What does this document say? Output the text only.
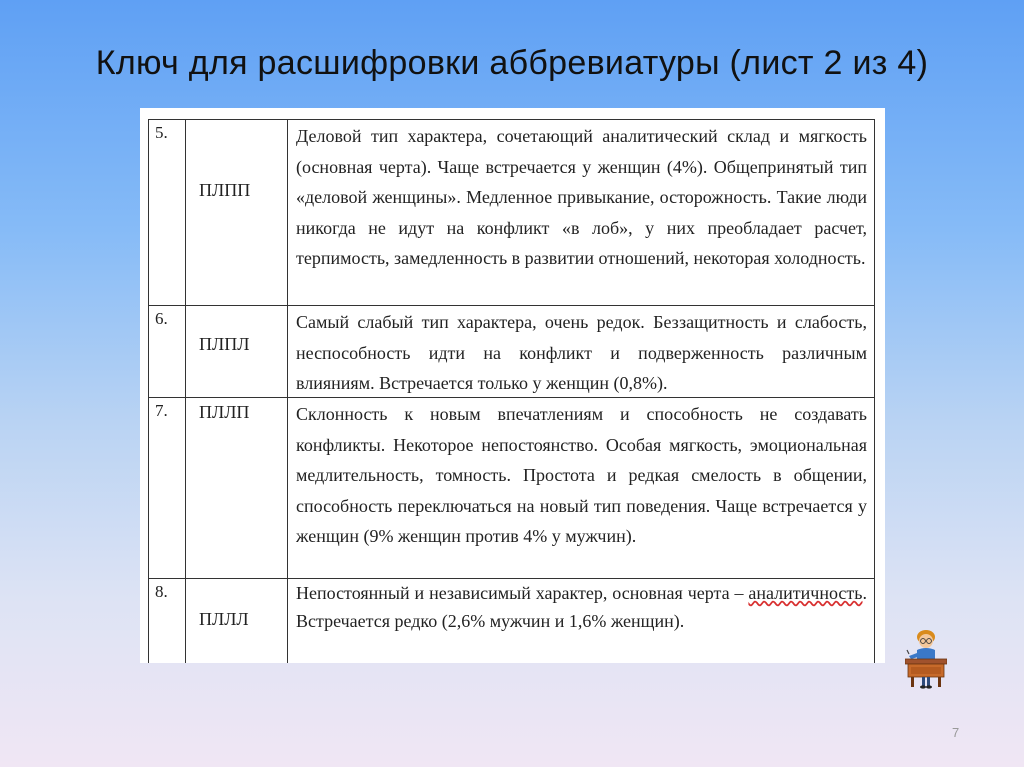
Ключ для расшифровки аббревиатуры (лист 2 из 4)
5.
ПЛПП
Деловой тип характера, сочетающий аналитический склад и мягкость (основная черта). Чаще встречается у женщин (4%). Общепринятый тип «деловой женщины». Медленное привыкание, осторожность. Такие люди никогда не идут на конфликт «в лоб», у них преобладает расчет, терпимость, замедленность в развитии отношений, некоторая холодность.
6.
ПЛПЛ
Самый слабый тип характера, очень редок. Беззащитность и слабость, неспособность идти на конфликт и подверженность различным влияниям. Встречается только у женщин (0,8%).
7.	ПЛЛП	Склонность к новым впечатлениям и способность не создавать конфликты. Некоторое непостоянство. Особая мягкость, эмоциональная медлительность, томность. Простота и редкая смелость в общении, способность переключаться на новый тип поведения. Чаще встречается у женщин (9% женщин против 4% у мужчин).
8.
ПЛЛЛ
Непостоянный и независимый характер, основная черта – аналитичность. Встречается редко (2,6% мужчин и 1,6% женщин).
7
